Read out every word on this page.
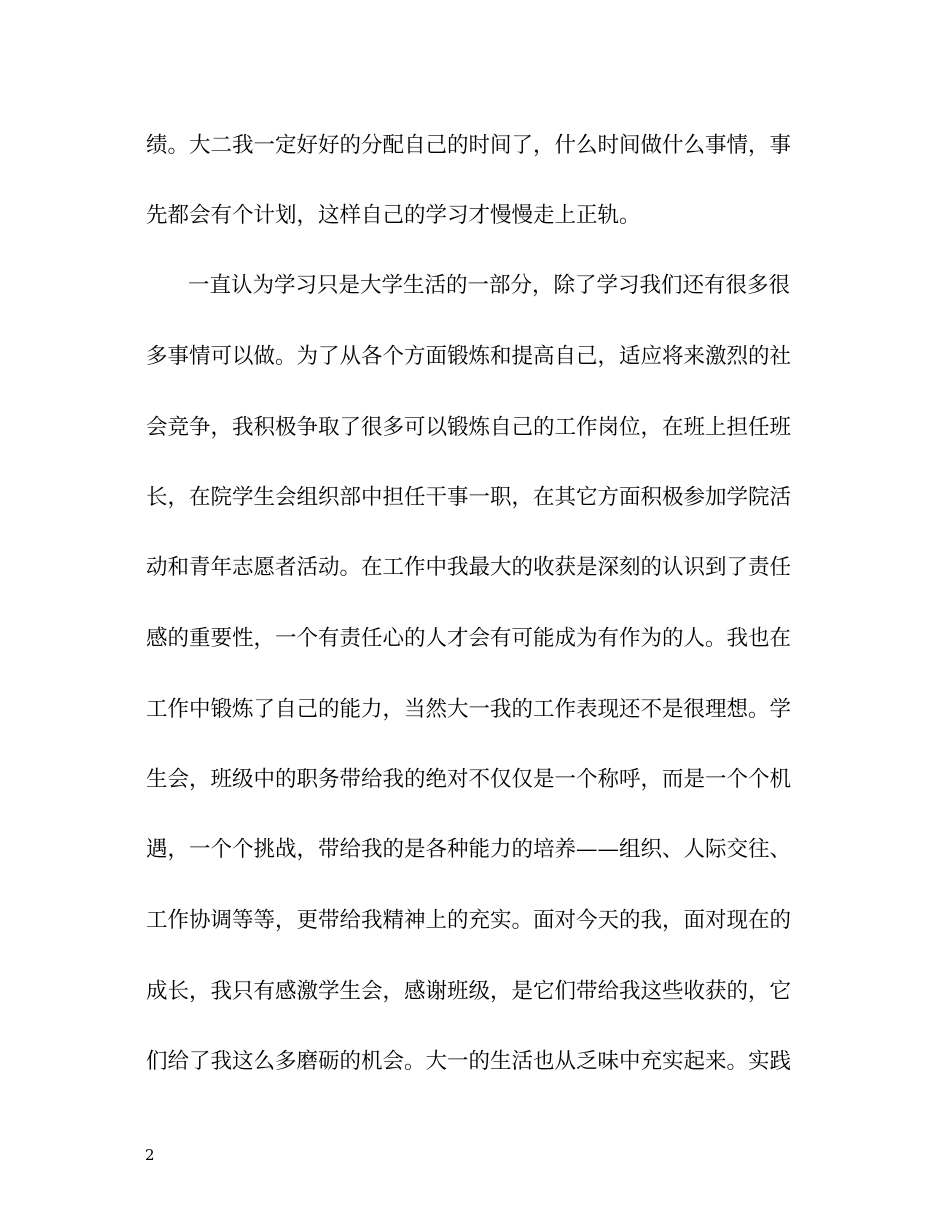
绩。大二我一定好好的分配自己的时间了，什么时间做什么事情，事
先都会有个计划，这样自己的学习才慢慢走上正轨。
一直认为学习只是大学生活的一部分，除了学习我们还有很多很
多事情可以做。为了从各个方面锻炼和提高自己，适应将来激烈的社
会竞争，我积极争取了很多可以锻炼自己的工作岗位，在班上担任班
长，在院学生会组织部中担任干事一职，在其它方面积极参加学院活
动和青年志愿者活动。在工作中我最大的收获是深刻的认识到了责任
感的重要性，一个有责任心的人才会有可能成为有作为的人。我也在
工作中锻炼了自己的能力，当然大一我的工作表现还不是很理想。学
生会，班级中的职务带给我的绝对不仅仅是一个称呼，而是一个个机
遇，一个个挑战，带给我的是各种能力的培养——组织、人际交往、
工作协调等等，更带给我精神上的充实。面对今天的我，面对现在的
成长，我只有感激学生会，感谢班级，是它们带给我这些收获的，它
们给了我这么多磨砺的机会。大一的生活也从乏味中充实起来。实践
2
